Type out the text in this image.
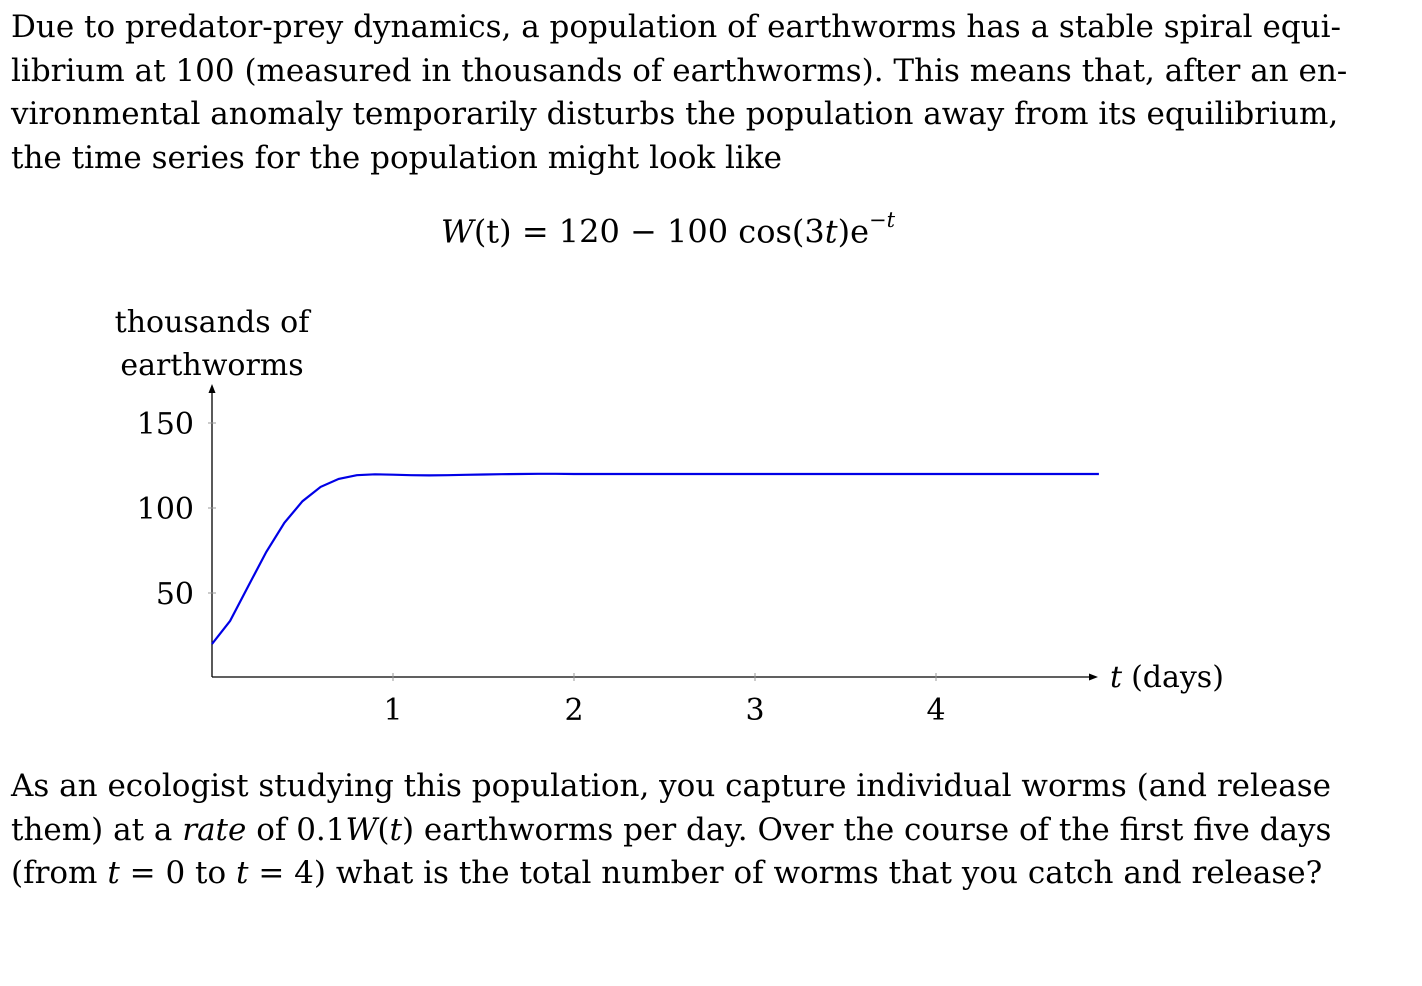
Due to predator-prey dynamics, a population of earthworms has a stable spiral equi-
librium at 100 (measured in thousands of earthworms). This means that, after an en-
vironmental anomaly temporarily disturbs the population away from its equilibrium,
the time series for the population might look like
W(t) = 120 − 100 $\cos(3t)e^{-t}$
thousands of
earthworms
t (days)
1	2	3	4
50
100
150
As an ecologist studying this population, you capture individual worms (and release
them) at a rate of 0.1W(t) earthworms per day. Over the course of the first five days
(from t = 0 to t = 4) what is the total number of worms that you catch and release?
